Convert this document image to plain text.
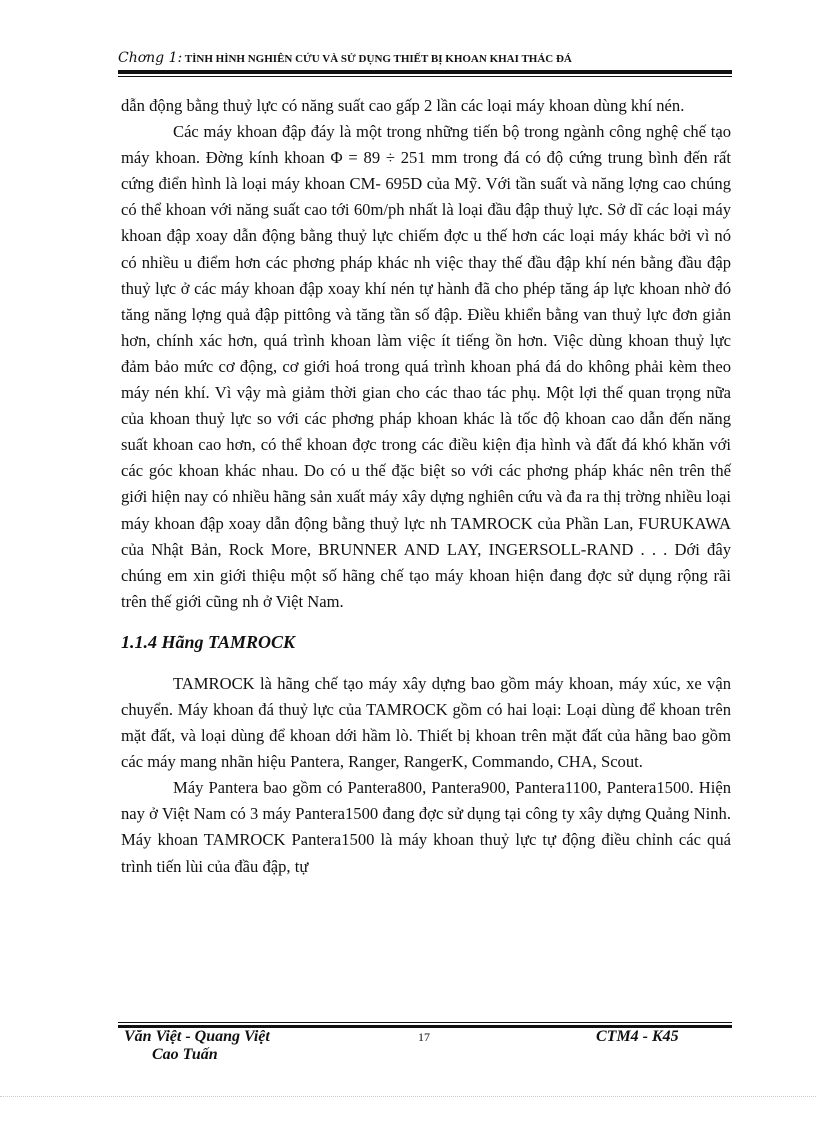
Chơng 1: TÌNH HÌNH NGHIÊN CỨU VÀ SỬ DỤNG THIẾT BỊ KHOAN KHAI THÁC ĐÁ

dẫn động bằng thuỷ lực có năng suất cao gấp 2 lần các loại máy khoan dùng khí nén.

Các máy khoan đập đáy là một trong những tiến bộ trong ngành công nghệ chế tạo máy khoan. Đờng kính khoan Φ = 89 ÷ 251 mm trong đá có độ cứng trung bình đến rất cứng điển hình là loại máy khoan CM- 695D của Mỹ. Với tần suất và năng lợng cao chúng có thể khoan với năng suất cao tới 60m/ph nhất là loại đầu đập thuỷ lực. Sở dĩ các loại máy khoan đập xoay dẫn động bằng thuỷ lực chiếm đợc u thế hơn các loại máy khác bởi vì nó có nhiều u điểm hơn các phơng pháp khác nh việc thay thế đầu đập khí nén bằng đầu đập thuỷ lực ở các máy khoan đập xoay khí nén tự hành đã cho phép tăng áp lực khoan nhờ đó tăng năng lợng quả đập pittông và tăng tần số đập. Điều khiển bằng van thuỷ lực đơn giản hơn, chính xác hơn, quá trình khoan làm việc ít tiếng ồn hơn. Việc dùng khoan thuỷ lực đảm bảo mức cơ động, cơ giới hoá trong quá trình khoan phá đá do không phải kèm theo máy nén khí. Vì vậy mà giảm thời gian cho các thao tác phụ. Một lợi thế quan trọng nữa của khoan thuỷ lực so với các phơng pháp khoan khác là tốc độ khoan cao dẫn đến năng suất khoan cao hơn, có thể khoan đợc trong các điều kiện địa hình và đất đá khó khăn với các góc khoan khác nhau. Do có u thế đặc biệt so với các phơng pháp khác nên trên thế giới hiện nay có nhiều hãng sản xuất máy xây dựng nghiên cứu và đa ra thị trờng nhiều loại máy khoan đập xoay dẫn động bằng thuỷ lực nh TAMROCK của Phần Lan, FURUKAWA của Nhật Bản, Rock More, BRUNNER AND LAY, INGERSOLL-RAND . . . Dới đây chúng em xin giới thiệu một số hãng chế tạo máy khoan hiện đang đợc sử dụng rộng rãi trên thế giới cũng nh ở Việt Nam.

1.1.4 Hãng TAMROCK

TAMROCK là hãng chế tạo máy xây dựng bao gồm máy khoan, máy xúc, xe vận chuyển. Máy khoan đá thuỷ lực của TAMROCK gồm có hai loại: Loại dùng để khoan trên mặt đất, và loại dùng để khoan dới hầm lò. Thiết bị khoan trên mặt đất của hãng bao gồm các máy mang nhãn hiệu Pantera, Ranger, RangerK, Commando, CHA, Scout.

Máy Pantera bao gồm có Pantera800, Pantera900, Pantera1100, Pantera1500. Hiện nay ở Việt Nam có 3 máy Pantera1500 đang đợc sử dụng tại công ty xây dựng Quảng Ninh. Máy khoan TAMROCK Pantera1500 là máy khoan thuỷ lực tự động điều chỉnh các quá trình tiến lùi của đầu đập, tự

Văn Việt - Quang Việt
Cao Tuấn
17	CTM4 - K45
